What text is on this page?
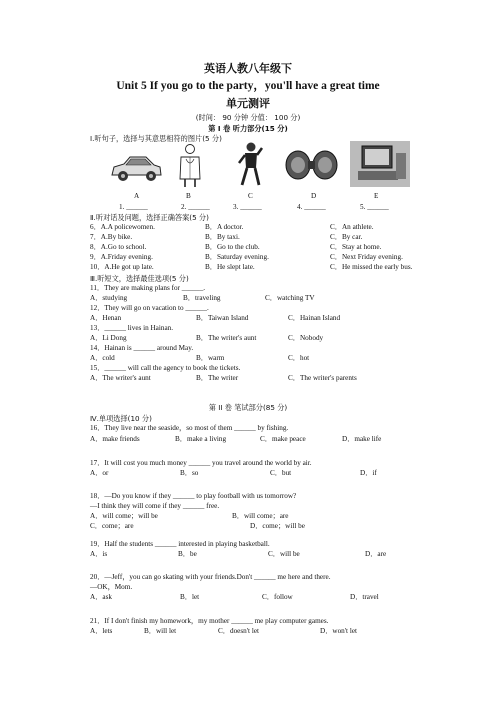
英语人教八年级下
Unit 5 If you go to the party，you'll have a great time
单元测评
(时间： 90 分钟 分值： 100 分)
第 I 卷 听力部分(15 分)
Ⅰ.听句子，选择与其意思相符的图片(5 分)
A	B	C	D	E
1. ______	2. ______	3. ______	4. ______	5. ______
Ⅱ.听对话及问题，选择正确答案(5 分)
6．A.A policewomen.	B．A doctor.	C．An athlete.
7．A.By bike.	B．By taxi.	C．By car.
8．A.Go to school.	B．Go to the club.	C．Stay at home.
9．A.Friday evening.	B．Saturday evening.	C．Next Friday evening.
10．A.He got up late.	B．He slept late.	C．He missed the early bus.
Ⅲ.听短文，选择最佳选项(5 分)
11．They are making plans for ______.
A．studying	B．traveling	C．watching TV
12．They will go on vacation to ______.
A．Henan	B．Taiwan Island	C．Hainan Island
13．______ lives in Hainan.
A．Li Dong	B．The writer's aunt	C．Nobody
14．Hainan is ______ around May.
A．cold	B．warm	C．hot
15．______ will call the agency to book the tickets.
A．The writer's aunt	B．The writer	C．The writer's parents
第 II 卷 笔试部分(85 分)
Ⅳ.单项选择(10 分)
16．They live near the seaside，so most of them ______ by fishing.
A．make friends	B．make a living	C．make peace	D．make life
17．It will cost you much money ______ you travel around the world by air.
A．or	B．so	C．but	D．if
18．—Do you know if they ______ to play football with us tomorrow?
—I think they will come if they ______ free.
A．will come；will be	B．will come；are
C．come；are	D．come；will be
19．Half the students ______ interested in playing basketball.
A．is	B．be	C．will be	D．are
20．—Jeff，you can go skating with your friends.Don't ______ me here and there.
—OK，Mom.
A．ask	B．let	C．follow	D．travel
21．If I don't finish my homework，my mother ______ me play computer games.
A．lets	B．will let	C．doesn't let	D．won't let
